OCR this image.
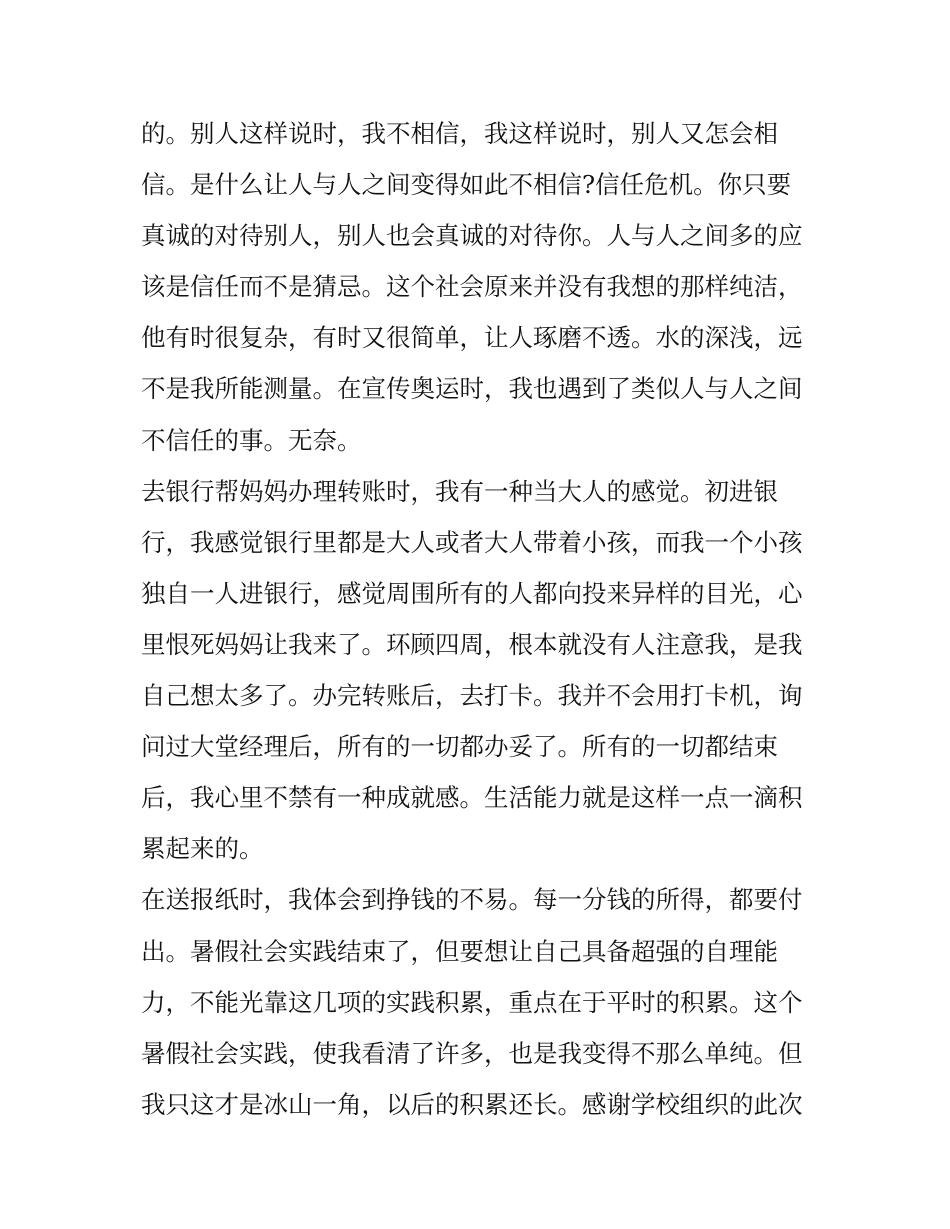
的。别人这样说时，我不相信，我这样说时，别人又怎会相
信。是什么让人与人之间变得如此不相信?信任危机。你只要
真诚的对待别人，别人也会真诚的对待你。人与人之间多的应
该是信任而不是猜忌。这个社会原来并没有我想的那样纯洁，
他有时很复杂，有时又很简单，让人琢磨不透。水的深浅，远
不是我所能测量。在宣传奥运时，我也遇到了类似人与人之间
不信任的事。无奈。
去银行帮妈妈办理转账时，我有一种当大人的感觉。初进银
行，我感觉银行里都是大人或者大人带着小孩，而我一个小孩
独自一人进银行，感觉周围所有的人都向投来异样的目光，心
里恨死妈妈让我来了。环顾四周，根本就没有人注意我，是我
自己想太多了。办完转账后，去打卡。我并不会用打卡机，询
问过大堂经理后，所有的一切都办妥了。所有的一切都结束
后，我心里不禁有一种成就感。生活能力就是这样一点一滴积
累起来的。
在送报纸时，我体会到挣钱的不易。每一分钱的所得，都要付
出。暑假社会实践结束了，但要想让自己具备超强的自理能
力，不能光靠这几项的实践积累，重点在于平时的积累。这个
暑假社会实践，使我看清了许多，也是我变得不那么单纯。但
我只这才是冰山一角，以后的积累还长。感谢学校组织的此次
